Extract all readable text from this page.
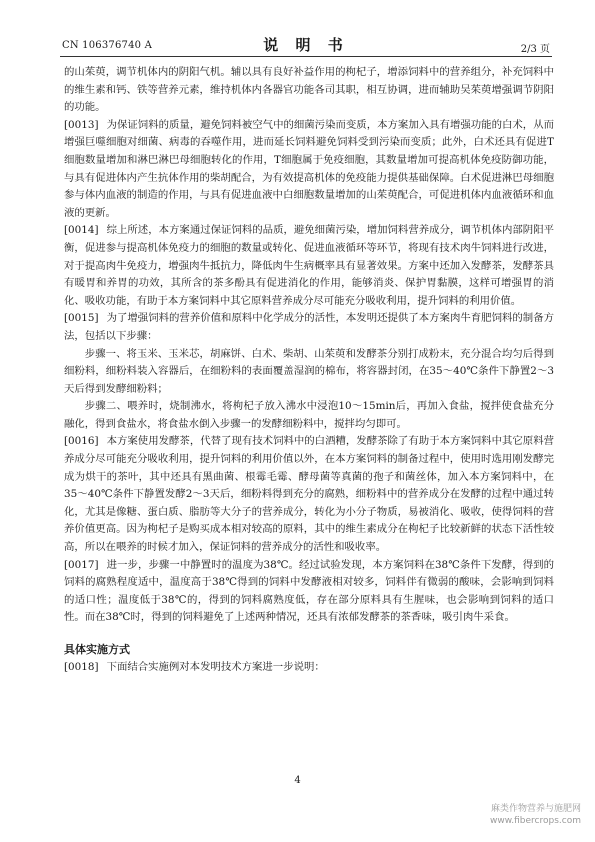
CN 106376740 A	说 明 书	2/3 页

的山茱萸，调节机体内的阴阳气机。辅以具有良好补益作用的枸杞子，增添饲料中的营养组分，补充饲料中的维生素和钙、铁等营养元素，维持机体内各器官功能各司其职，相互协调，进而辅助吴茱萸增强调节阴阳的功能。

[0013] 为保证饲料的质量，避免饲料被空气中的细菌污染而变质，本方案加入具有增强功能的白术，从而增强巨噬细胞对细菌、病毒的吞噬作用，进而延长饲料避免饲料受到污染而变质；此外，白术还具有促进T细胞数量增加和淋巴淋巴母细胞转化的作用，T细胞属于免疫细胞，其数量增加可提高机体免疫防御功能，与具有促进体内产生抗体作用的柴胡配合，为有效提高机体的免疫能力提供基础保障。白术促进淋巴母细胞参与体内血液的制造的作用，与具有促进血液中白细胞数量增加的山茱萸配合，可促进机体内血液循环和血液的更新。

[0014] 综上所述，本方案通过保证饲料的品质，避免细菌污染，增加饲料营养成分，调节机体内部阴阳平衡，促进参与提高机体免疫力的细胞的数量或转化、促进血液循环等环节，将现有技术肉牛饲料进行改进，对于提高肉牛免疫力，增强肉牛抵抗力，降低肉牛生病概率具有显著效果。方案中还加入发酵茶，发酵茶具有暖胃和养胃的功效，其所含的茶多酚具有促进消化的作用，能够消炎、保护胃黏膜，这样可增强胃的消化、吸收功能，有助于本方案饲料中其它原料营养成分尽可能充分吸收利用，提升饲料的利用价值。

[0015] 为了增强饲料的营养价值和原料中化学成分的活性，本发明还提供了本方案肉牛育肥饲料的制备方法，包括以下步骤：

步骤一、将玉米、玉米芯，胡麻饼、白术、柴胡、山茱萸和发酵茶分别打成粉末，充分混合均匀后得到细粉料，细粉料装入容器后，在细粉料的表面覆盖湿润的棉布，将容器封闭，在35～40℃条件下静置2～3天后得到发酵细粉料；

步骤二、喂养时，烧制沸水，将枸杞子放入沸水中浸泡10～15min后，再加入食盐，搅拌使食盐充分融化，得到食盐水，将食盐水倒入步骤一的发酵细粉料中，搅拌均匀即可。

[0016] 本方案使用发酵茶，代替了现有技术饲料中的白酒糟，发酵茶除了有助于本方案饲料中其它原料营养成分尽可能充分吸收利用，提升饲料的利用价值以外，在本方案饲料的制备过程中，使用时选用刚发酵完成为烘干的茶叶，其中还具有黑曲菌、根霉毛霉、酵母菌等真菌的孢子和菌丝体，加入本方案饲料中，在35～40℃条件下静置发酵2～3天后，细粉料得到充分的腐熟，细粉料中的营养成分在发酵的过程中通过转化，尤其是像糖、蛋白质、脂肪等大分子的营养成分，转化为小分子物质，易被消化、吸收，使得饲料的营养价值更高。因为枸杞子是购买成本相对较高的原料，其中的维生素成分在枸杞子比较新鲜的状态下活性较高，所以在喂养的时候才加入，保证饲料的营养成分的活性和吸收率。

[0017] 进一步，步骤一中静置时的温度为38℃。经过试验发现，本方案饲料在38℃条件下发酵，得到的饲料的腐熟程度适中，温度高于38℃得到的饲料中发酵液相对较多，饲料伴有微弱的酸味，会影响到饲料的适口性；温度低于38℃的，得到的饲料腐熟度低，存在部分原料具有生腥味，也会影响到饲料的适口性。而在38℃时，得到的饲料避免了上述两种情况，还具有浓郁发酵茶的茶香味，吸引肉牛采食。

具体实施方式

[0018] 下面结合实施例对本发明技术方案进一步说明：

4
麻类作物营养与施肥网
www.fibercrops.com
